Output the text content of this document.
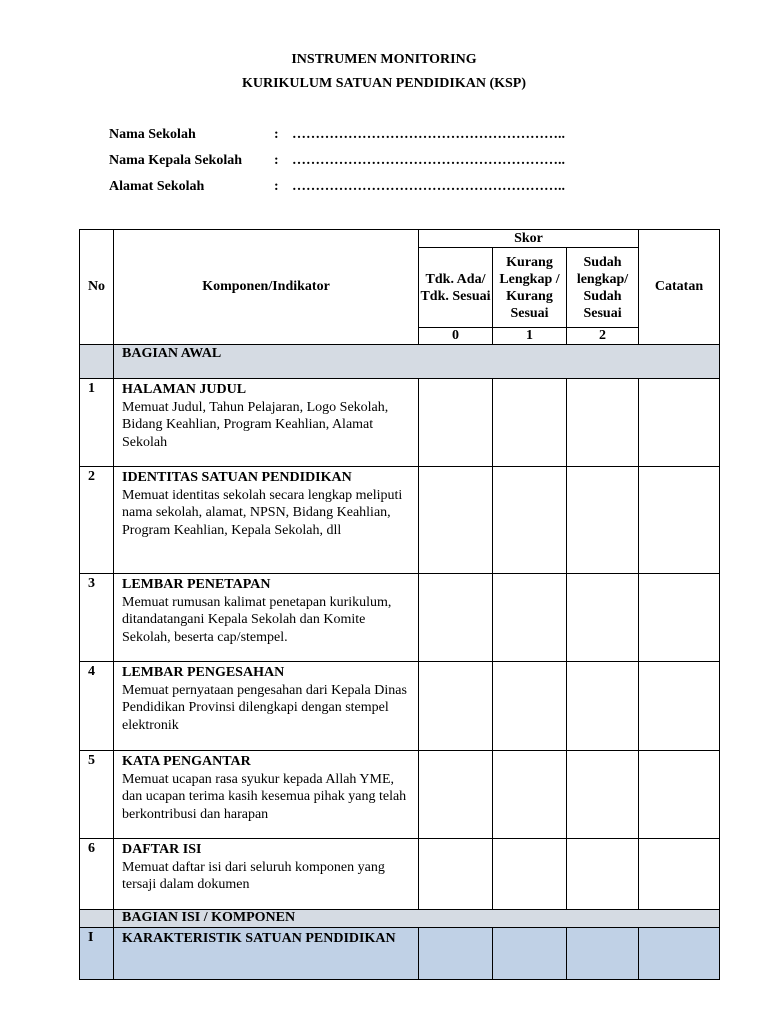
INSTRUMEN MONITORING
KURIKULUM SATUAN PENDIDIKAN (KSP)
Nama Sekolah	: …………………………………………………..
Nama Kepala Sekolah : …………………………………………………..
Alamat Sekolah	: …………………………………………………..
No	Komponen/Indikator	Skor			Catatan
		Tdk. Ada/ Tdk. Sesuai	Kurang Lengkap / Kurang Sesuai	Sudah lengkap/ Sudah Sesuai	
		0	1	2	
	BAGIAN AWAL				
1	HALAMAN JUDUL
Memuat Judul, Tahun Pelajaran, Logo Sekolah, Bidang Keahlian, Program Keahlian, Alamat Sekolah				

2	IDENTITAS SATUAN PENDIDIKAN
Memuat identitas sekolah secara lengkap meliputi nama sekolah, alamat, NPSN, Bidang Keahlian, Program Keahlian, Kepala Sekolah, dll				

3	LEMBAR PENETAPAN
Memuat rumusan kalimat penetapan kurikulum, ditandatangani Kepala Sekolah dan Komite Sekolah, beserta cap/stempel.				

4	LEMBAR PENGESAHAN
Memuat pernyataan pengesahan dari Kepala Dinas Pendidikan Provinsi dilengkapi dengan stempel elektronik				

5	KATA PENGANTAR
Memuat ucapan rasa syukur kepada Allah YME, dan ucapan terima kasih kesemua pihak yang telah berkontribusi dan harapan				

6	DAFTAR ISI
Memuat daftar isi dari seluruh komponen yang tersaji dalam dokumen				

	BAGIAN ISI / KOMPONEN				
I	KARAKTERISTIK SATUAN PENDIDIKAN				
